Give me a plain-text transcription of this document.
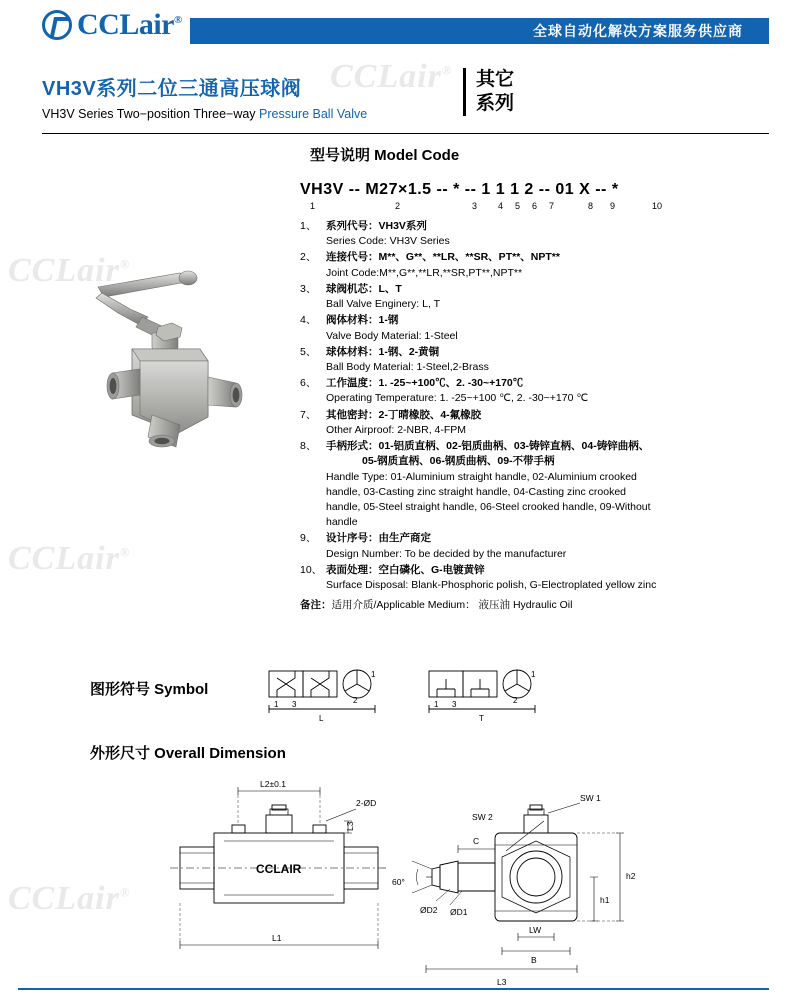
CCLair®
CCLair®
CCLair®
CCLair®
CCLair®
全球自动化解决方案服务供应商
VH3V系列二位三通高压球阀
VH3V Series Two−position Three−way Pressure Ball Valve
其它
系列
型号说明 Model Code
VH3V -- M27×1.5 -- * -- 1 1 1 2 -- 01 X -- *
1	2	3 4 5 6 7	8 9	10
1、 系列代号：VH3V系列
Series Code: VH3V Series
2、 连接代号：M**、G**、**LR、**SR、PT**、NPT**
Joint Code:M**,G**,**LR,**SR,PT**,NPT**
3、 球阀机芯：L、T
Ball Valve Enginery: L, T
4、 阀体材料：1-钢
Valve Body Material: 1-Steel
5、 球体材料：1-钢、2-黄铜
Ball Body Material: 1-Steel,2-Brass
6、 工作温度：1. -25~+100℃、2. -30~+170℃
Operating Temperature: 1. -25~+100 ℃, 2. -30~+170 ℃
7、 其他密封：2-丁晴橡胶、4-氟橡胶
Other Airproof: 2-NBR, 4-FPM
8、 手柄形式：01-铝质直柄、02-铝质曲柄、03-铸锌直柄、04-铸锌曲柄、
05-钢质直柄、06-钢质曲柄、09-不带手柄
Handle Type: 01-Aluminium straight handle, 02-Aluminium crooked
handle, 03-Casting zinc straight handle, 04-Casting zinc crooked
handle, 05-Steel straight handle, 06-Steel crooked handle, 09-Without
handle
9、 设计序号：由生产商定
Design Number: To be decided by the manufacturer
10、 表面处理：空白磷化、G-电镀黄锌
Surface Disposal: Blank-Phosphoric polish, G-Electroplated yellow zinc
备注：适用介质/Applicable Medium： 液压油 Hydraulic Oil
图形符号 Symbol
1 3	2
1
L
1 3	2
1
T
外形尺寸 Overall Dimension
L2±0.1
2-ØD
L3
CCLAIR
L1
SW 1
SW 2
C
ØD2 ØD1
60°
h2
h1
LW
B
L3
